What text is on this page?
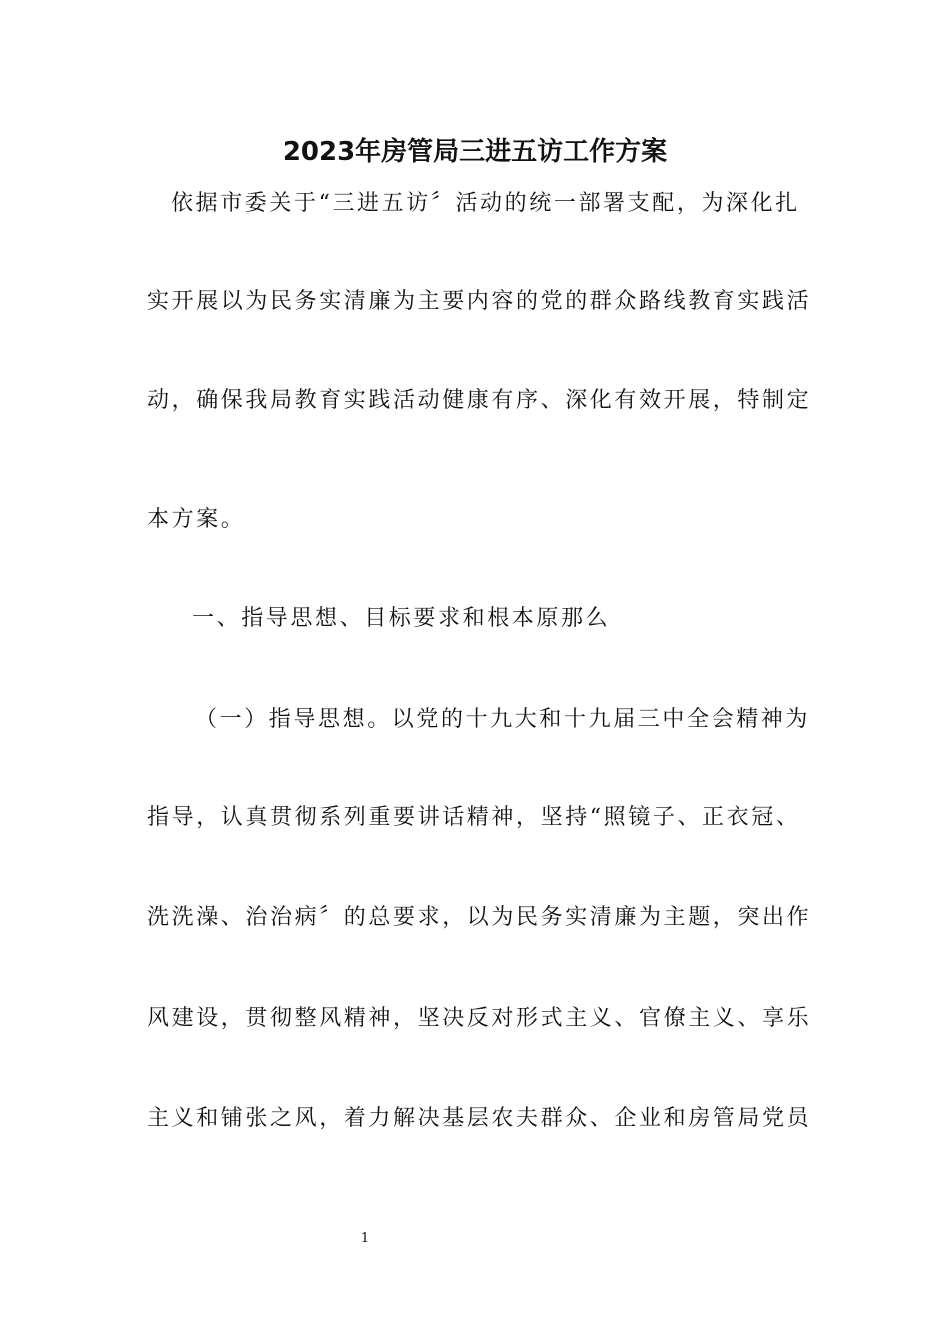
2023年房管局三进五访工作方案
依据市委关于“三进五访〞活动的统一部署支配，为深化扎
实开展以为民务实清廉为主要内容的党的群众路线教育实践活
动，确保我局教育实践活动健康有序、深化有效开展，特制定
本方案。
一、指导思想、目标要求和根本原那么
（一）指导思想。以党的十九大和十九届三中全会精神为
指导，认真贯彻系列重要讲话精神，坚持“照镜子、正衣冠、
洗洗澡、治治病〞的总要求，以为民务实清廉为主题，突出作
风建设，贯彻整风精神，坚决反对形式主义、官僚主义、享乐
主义和铺张之风，着力解决基层农夫群众、企业和房管局党员
1
